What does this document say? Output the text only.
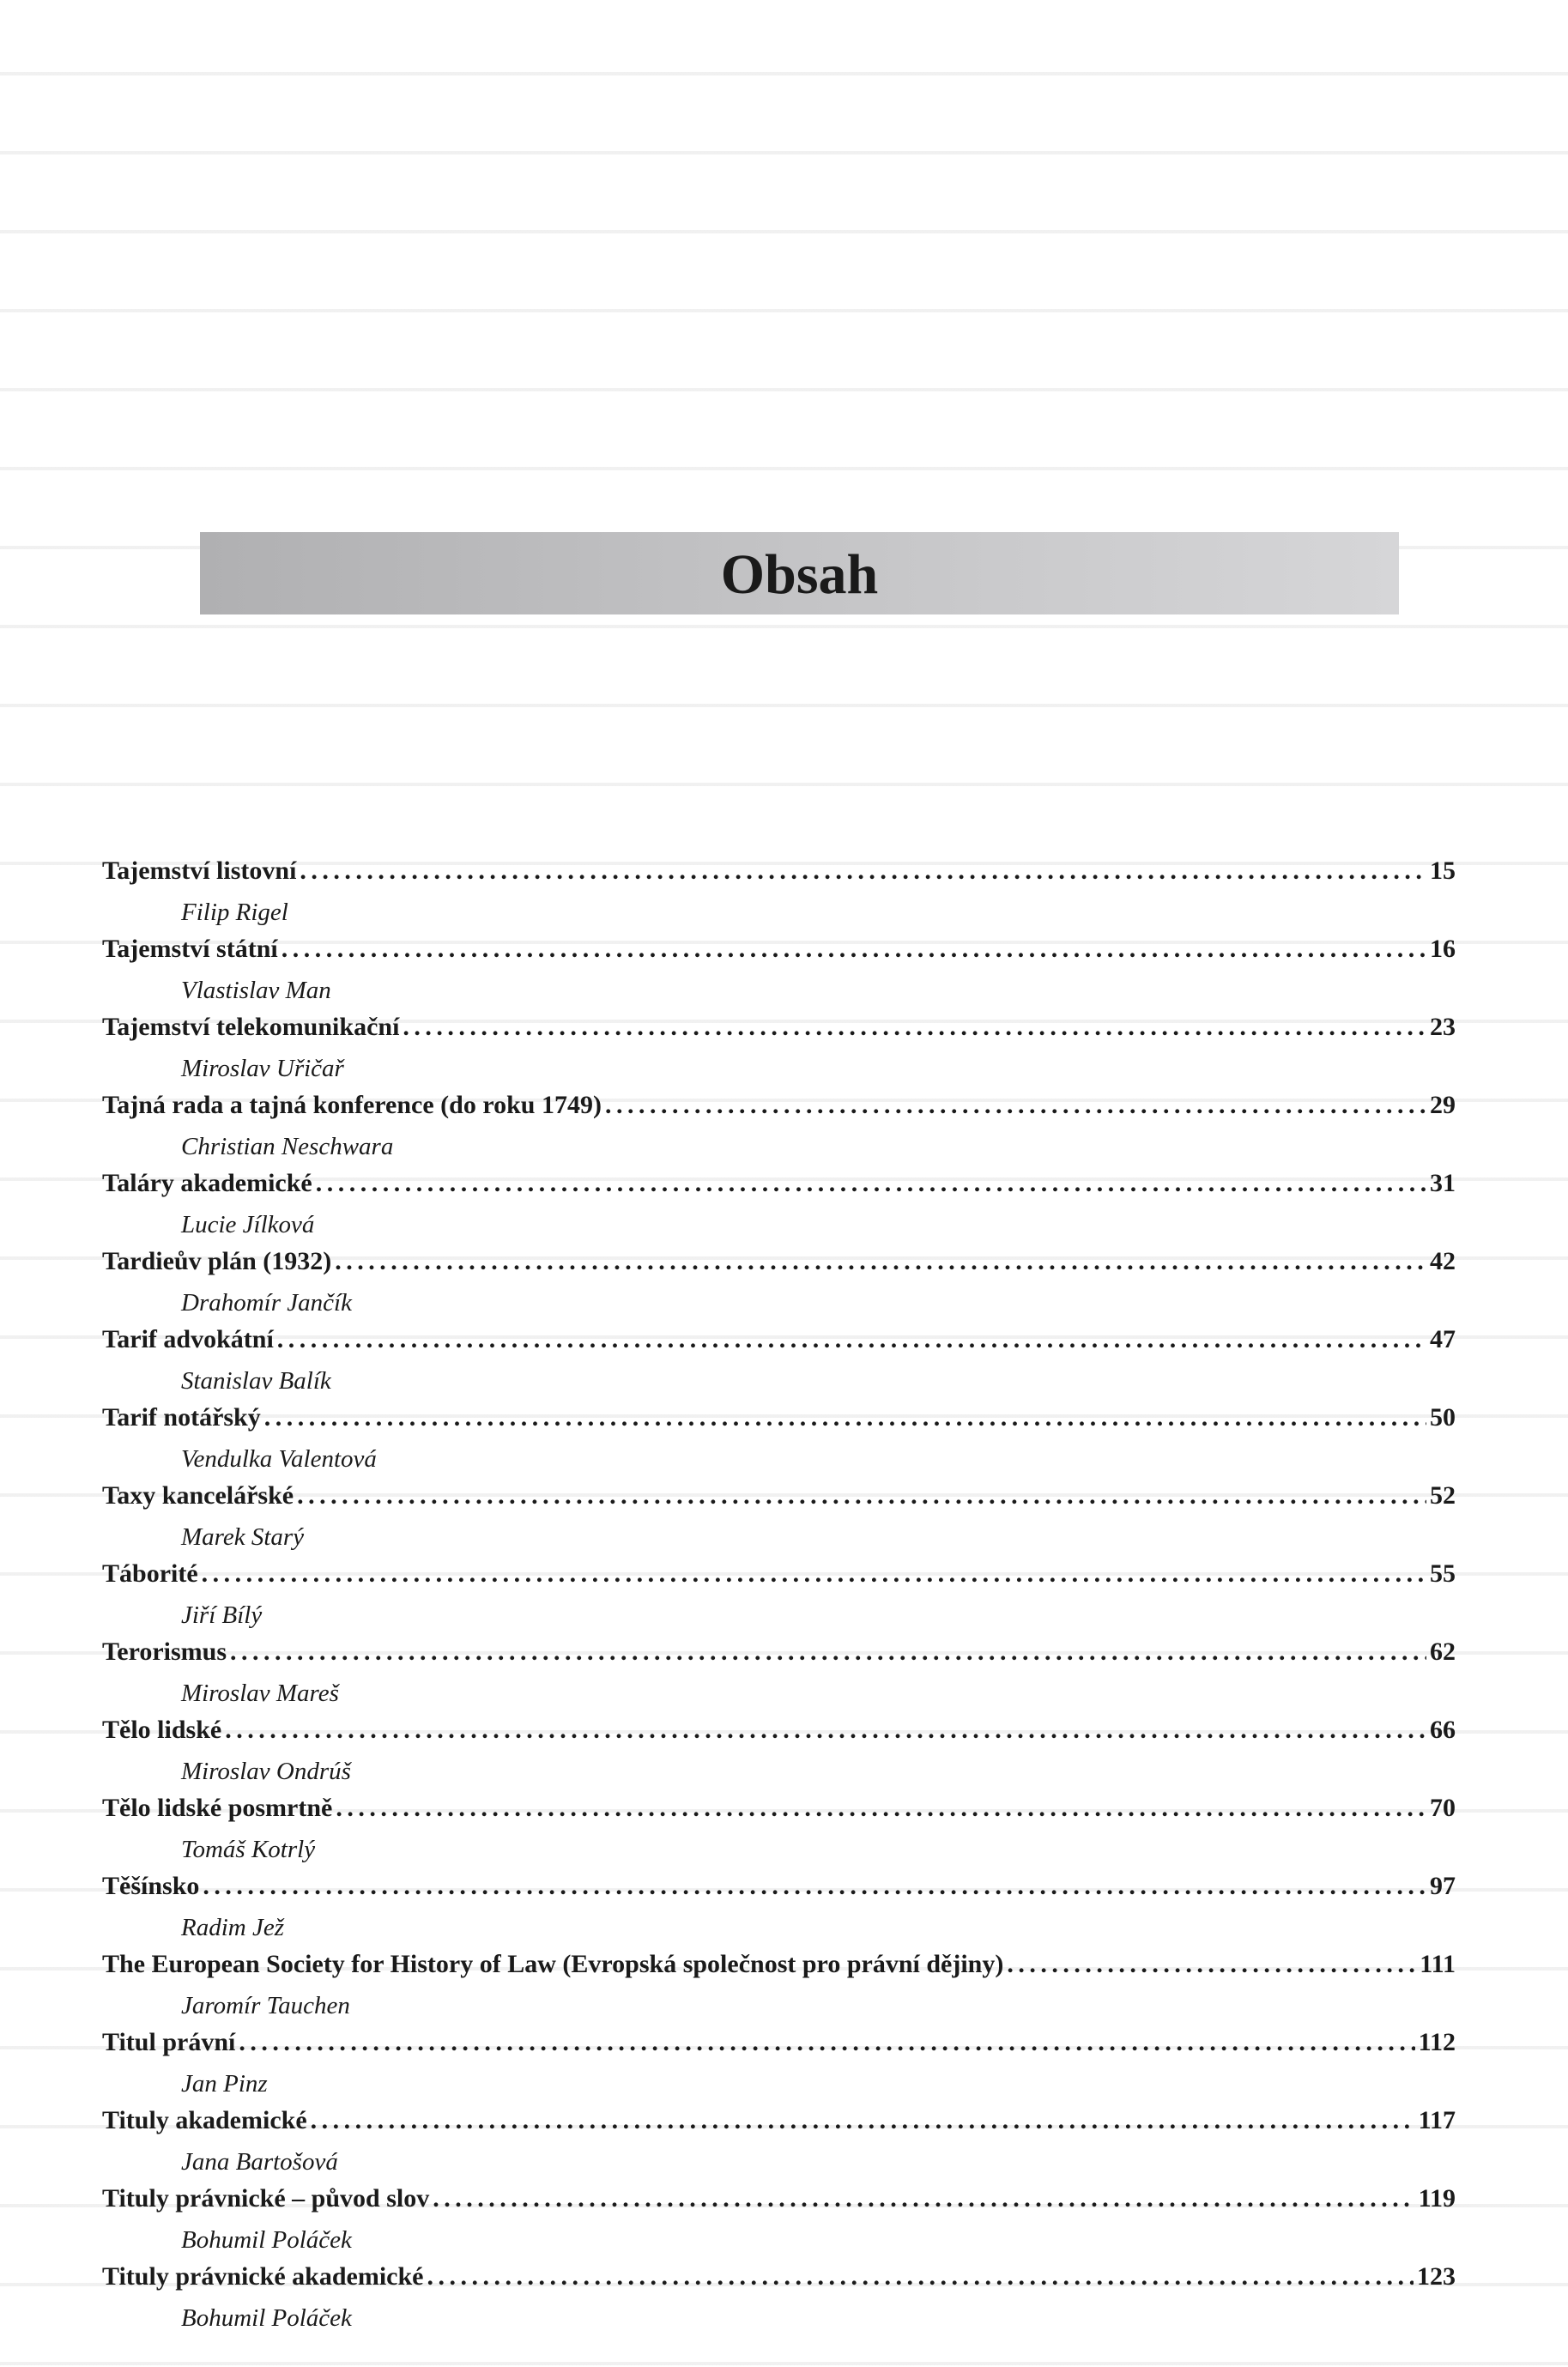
Obsah
Tajemství listovní . . .	15
Filip Rigel
Tajemství státní . . .	16
Vlastislav Man
Tajemství telekomunikační . . .	23
Miroslav Uřičař
Tajná rada a tajná konference (do roku 1749) . . .	29
Christian Neschwara
Taláry akademické . . .	31
Lucie Jílková
Tardieův plán (1932) . . .	42
Drahomír Jančík
Tarif advokátní . . .	47
Stanislav Balík
Tarif notářský . . .	50
Vendulka Valentová
Taxy kancelářské . . .	52
Marek Starý
Táborité . . .	55
Jiří Bílý
Terorismus . . .	62
Miroslav Mareš
Tělo lidské . . .	66
Miroslav Ondrúš
Tělo lidské posmrtně . . .	70
Tomáš Kotrlý
Těšínsko . . .	97
Radim Jež
The European Society for History of Law (Evropská společnost pro právní dějiny) . . .	111
Jaromír Tauchen
Titul právní . . .	112
Jan Pinz
Tituly akademické . . .	117
Jana Bartošová
Tituly právnické – původ slov . . .	119
Bohumil Poláček
Tituly právnické akademické . . .	123
Bohumil Poláček
